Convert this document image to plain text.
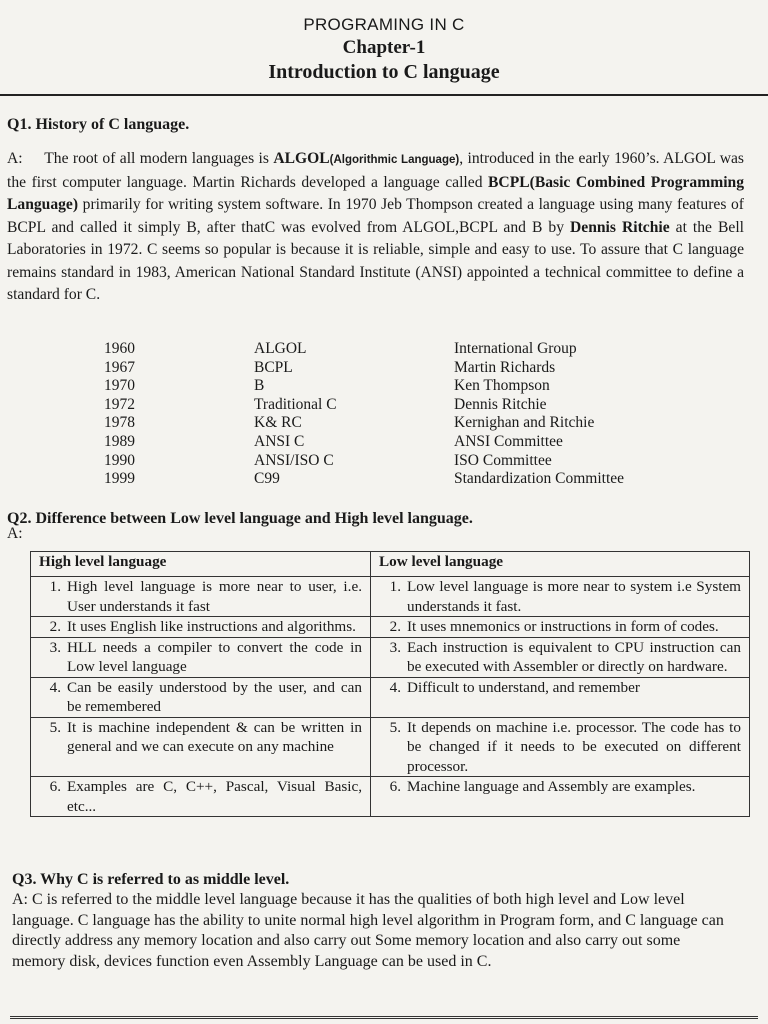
PROGRAMING IN C
Chapter-1
Introduction to C language
Q1. History of C language.
A: The root of all modern languages is ALGOL(Algorithmic Language), introduced in the early 1960’s. ALGOL was the first computer language. Martin Richards developed a language called BCPL(Basic Combined Programming Language) primarily for writing system software. In 1970 Jeb Thompson created a language using many features of BCPL and called it simply B, after thatC was evolved from ALGOL,BCPL and B by Dennis Ritchie at the Bell Laboratories in 1972. C seems so popular is because it is reliable, simple and easy to use. To assure that C language remains standard in 1983, American National Standard Institute (ANSI) appointed a technical committee to define a standard for C.
1960	ALGOL	International Group
1967	BCPL	Martin Richards
1970	B	Ken Thompson
1972	Traditional C	Dennis Ritchie
1978	K& RC	Kernighan and Ritchie
1989	ANSI C	ANSI Committee
1990	ANSI/ISO C	ISO Committee
1999	C99	Standardization Committee
Q2. Difference between Low level language and High level language.
A:
High level language	Low level language
1. High level language is more near to user, i.e. User understands it fast	1. Low level language is more near to system i.e System understands it fast.
2. It uses English like instructions and algorithms.	2. It uses mnemonics or instructions in form of codes.
3. HLL needs a compiler to convert the code in Low level language	3. Each instruction is equivalent to CPU instruction can be executed with Assembler or directly on hardware.
4. Can be easily understood by the user, and can be remembered	4. Difficult to understand, and remember
5. It is machine independent & can be written in general and we can execute on any machine	5. It depends on machine i.e. processor. The code has to be changed if it needs to be executed on different processor.
6. Examples are C, C++, Pascal, Visual Basic, etc...	6. Machine language and Assembly are examples.
Q3. Why C is referred to as middle level.
A: C is referred to the middle level language because it has the qualities of both high level and Low level language. C language has the ability to unite normal high level algorithm in Program form, and C language can directly address any memory location and also carry out Some memory location and also carry out some memory disk, devices function even Assembly Language can be used in C.
